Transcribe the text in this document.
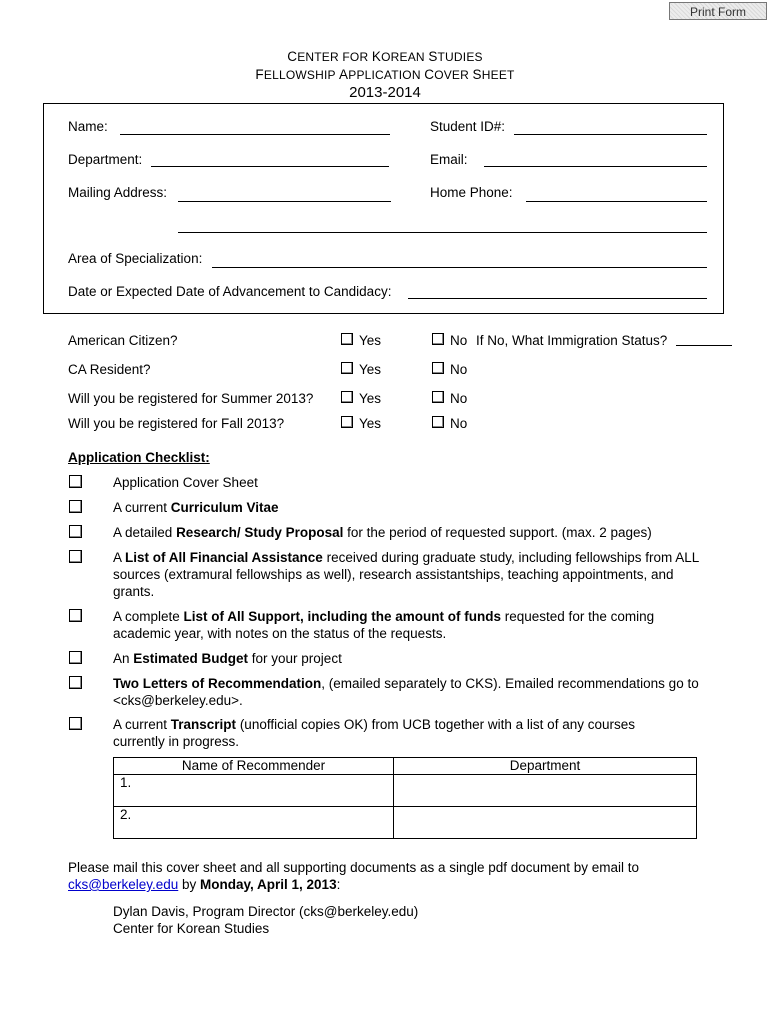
Print Form
CENTER FOR KOREAN STUDIES
FELLOWSHIP APPLICATION COVER SHEET
2013-2014
Name:	Student ID#:
Department:	Email:
Mailing Address:	Home Phone:
Area of Specialization:
Date or Expected Date of Advancement to Candidacy:
American Citizen?	Yes	No If No, What Immigration Status?
CA Resident?	Yes	No
Will you be registered for Summer 2013?	Yes	No
Will you be registered for Fall 2013?	Yes	No
Application Checklist:
Application Cover Sheet
A current Curriculum Vitae
A detailed Research/ Study Proposal for the period of requested support. (max. 2 pages)
A List of All Financial Assistance received during graduate study, including fellowships from ALL sources (extramural fellowships as well), research assistantships, teaching appointments, and grants.
A complete List of All Support, including the amount of funds requested for the coming academic year, with notes on the status of the requests.
An Estimated Budget for your project
Two Letters of Recommendation, (emailed separately to CKS). Emailed recommendations go to <cks@berkeley.edu>.
A current Transcript (unofficial copies OK) from UCB together with a list of any courses currently in progress.
Name of Recommender	Department
1.	
2.	
Please mail this cover sheet and all supporting documents as a single pdf document by email to
cks@berkeley.edu by Monday, April 1, 2013:
Dylan Davis, Program Director (cks@berkeley.edu)
Center for Korean Studies
